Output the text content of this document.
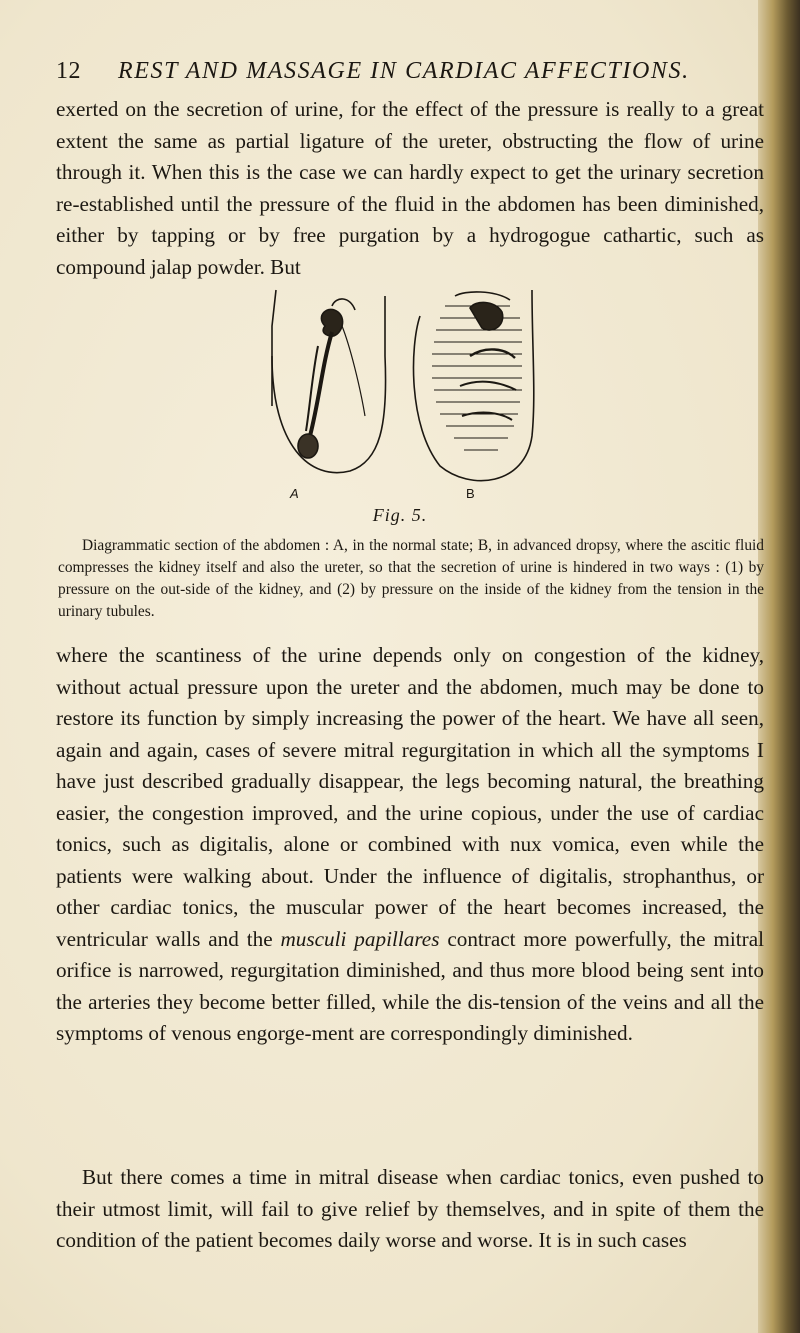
12 REST AND MASSAGE IN CARDIAC AFFECTIONS.

exerted on the secretion of urine, for the effect of the pressure is really to a great extent the same as partial ligature of the ureter, obstructing the flow of urine through it. When this is the case we can hardly expect to get the urinary secretion re-established until the pressure of the fluid in the abdomen has been diminished, either by tapping or by free purgation by a hydrogogue cathartic, such as compound jalap powder. But

A	B
Fig. 5.

Diagrammatic section of the abdomen : A, in the normal state; B, in advanced dropsy, where the ascitic fluid compresses the kidney itself and also the ureter, so that the secretion of urine is hindered in two ways : (1) by pressure on the out-side of the kidney, and (2) by pressure on the inside of the kidney from the tension in the urinary tubules.

where the scantiness of the urine depends only on congestion of the kidney, without actual pressure upon the ureter and the abdomen, much may be done to restore its function by simply increasing the power of the heart. We have all seen, again and again, cases of severe mitral regurgitation in which all the symptoms I have just described gradually disappear, the legs becoming natural, the breathing easier, the congestion improved, and the urine copious, under the use of cardiac tonics, such as digitalis, alone or combined with nux vomica, even while the patients were walking about. Under the influence of digitalis, strophanthus, or other cardiac tonics, the muscular power of the heart becomes increased, the ventricular walls and the musculi papillares contract more powerfully, the mitral orifice is narrowed, regurgitation diminished, and thus more blood being sent into the arteries they become better filled, while the dis-tension of the veins and all the symptoms of venous engorge-ment are correspondingly diminished.

But there comes a time in mitral disease when cardiac tonics, even pushed to their utmost limit, will fail to give relief by themselves, and in spite of them the condition of the patient becomes daily worse and worse. It is in such cases
